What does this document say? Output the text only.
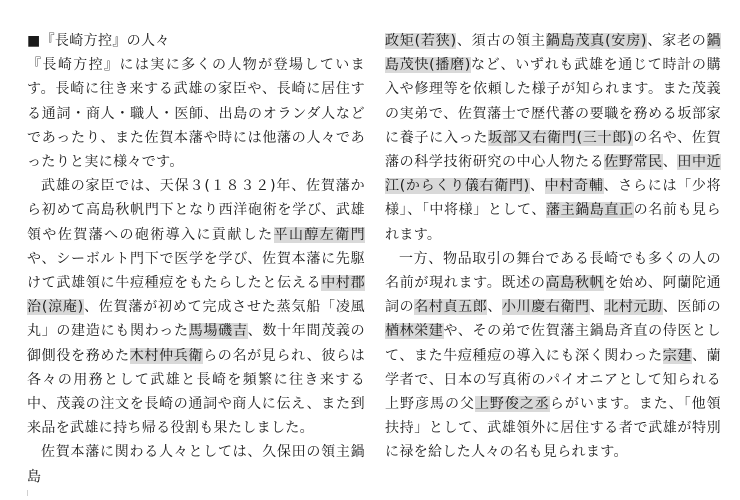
■『長崎方控』の人々

『長崎方控』には実に多くの人物が登場しています。長崎に往き来する武雄の家臣や、長崎に居住する通詞・商人・職人・医師、出島のオランダ人などであったり、また佐賀本藩や時には他藩の人々であったりと実に様々です。

武雄の家臣では、天保３(１８３２)年、佐賀藩から初めて高島秋帆門下となり西洋砲術を学び、武雄領や佐賀藩への砲術導入に貢献した平山醇左衛門や、シーボルト門下で医学を学び、佐賀本藩に先駆けて武雄領に牛痘種痘をもたらしたと伝える中村郡治(涼庵)、佐賀藩が初めて完成させた蒸気船「凌風丸」の建造にも関わった馬場磯吉、数十年間茂義の御側役を務めた木村仲兵衛らの名が見られ、彼らは各々の用務として武雄と長崎を頻繁に往き来する中、茂義の注文を長崎の通詞や商人に伝え、また到来品を武雄に持ち帰る役割も果たしました。

佐賀本藩に関わる人々としては、久保田の領主鍋島

政矩(若狭)、須古の領主鍋島茂真(安房)、家老の鍋島茂快(播磨)など、いずれも武雄を通じて時計の購入や修理等を依頼した様子が知られます。また茂義の実弟で、佐賀藩士で歴代蕃の要職を務める坂部家に養子に入った坂部又右衛門(三十郎)の名や、佐賀藩の科学技術研究の中心人物たる佐野常民、田中近江(からくり儀右衛門)、中村奇輔、さらには「少将様」、「中将様」として、藩主鍋島直正の名前も見られます。

一方、物品取引の舞台である長崎でも多くの人の名前が現れます。既述の高島秋帆を始め、阿蘭陀通詞の名村貞五郎、小川慶右衛門、北村元助、医師の楢林栄建や、その弟で佐賀藩主鍋島斉直の侍医として、また牛痘種痘の導入にも深く関わった宗建、蘭学者で、日本の写真術のパイオニアとして知られる上野彦馬の父上野俊之丞らがいます。また、「他領扶持」として、武雄領外に居住する者で武雄が特別に禄を給した人々の名も見られます。
